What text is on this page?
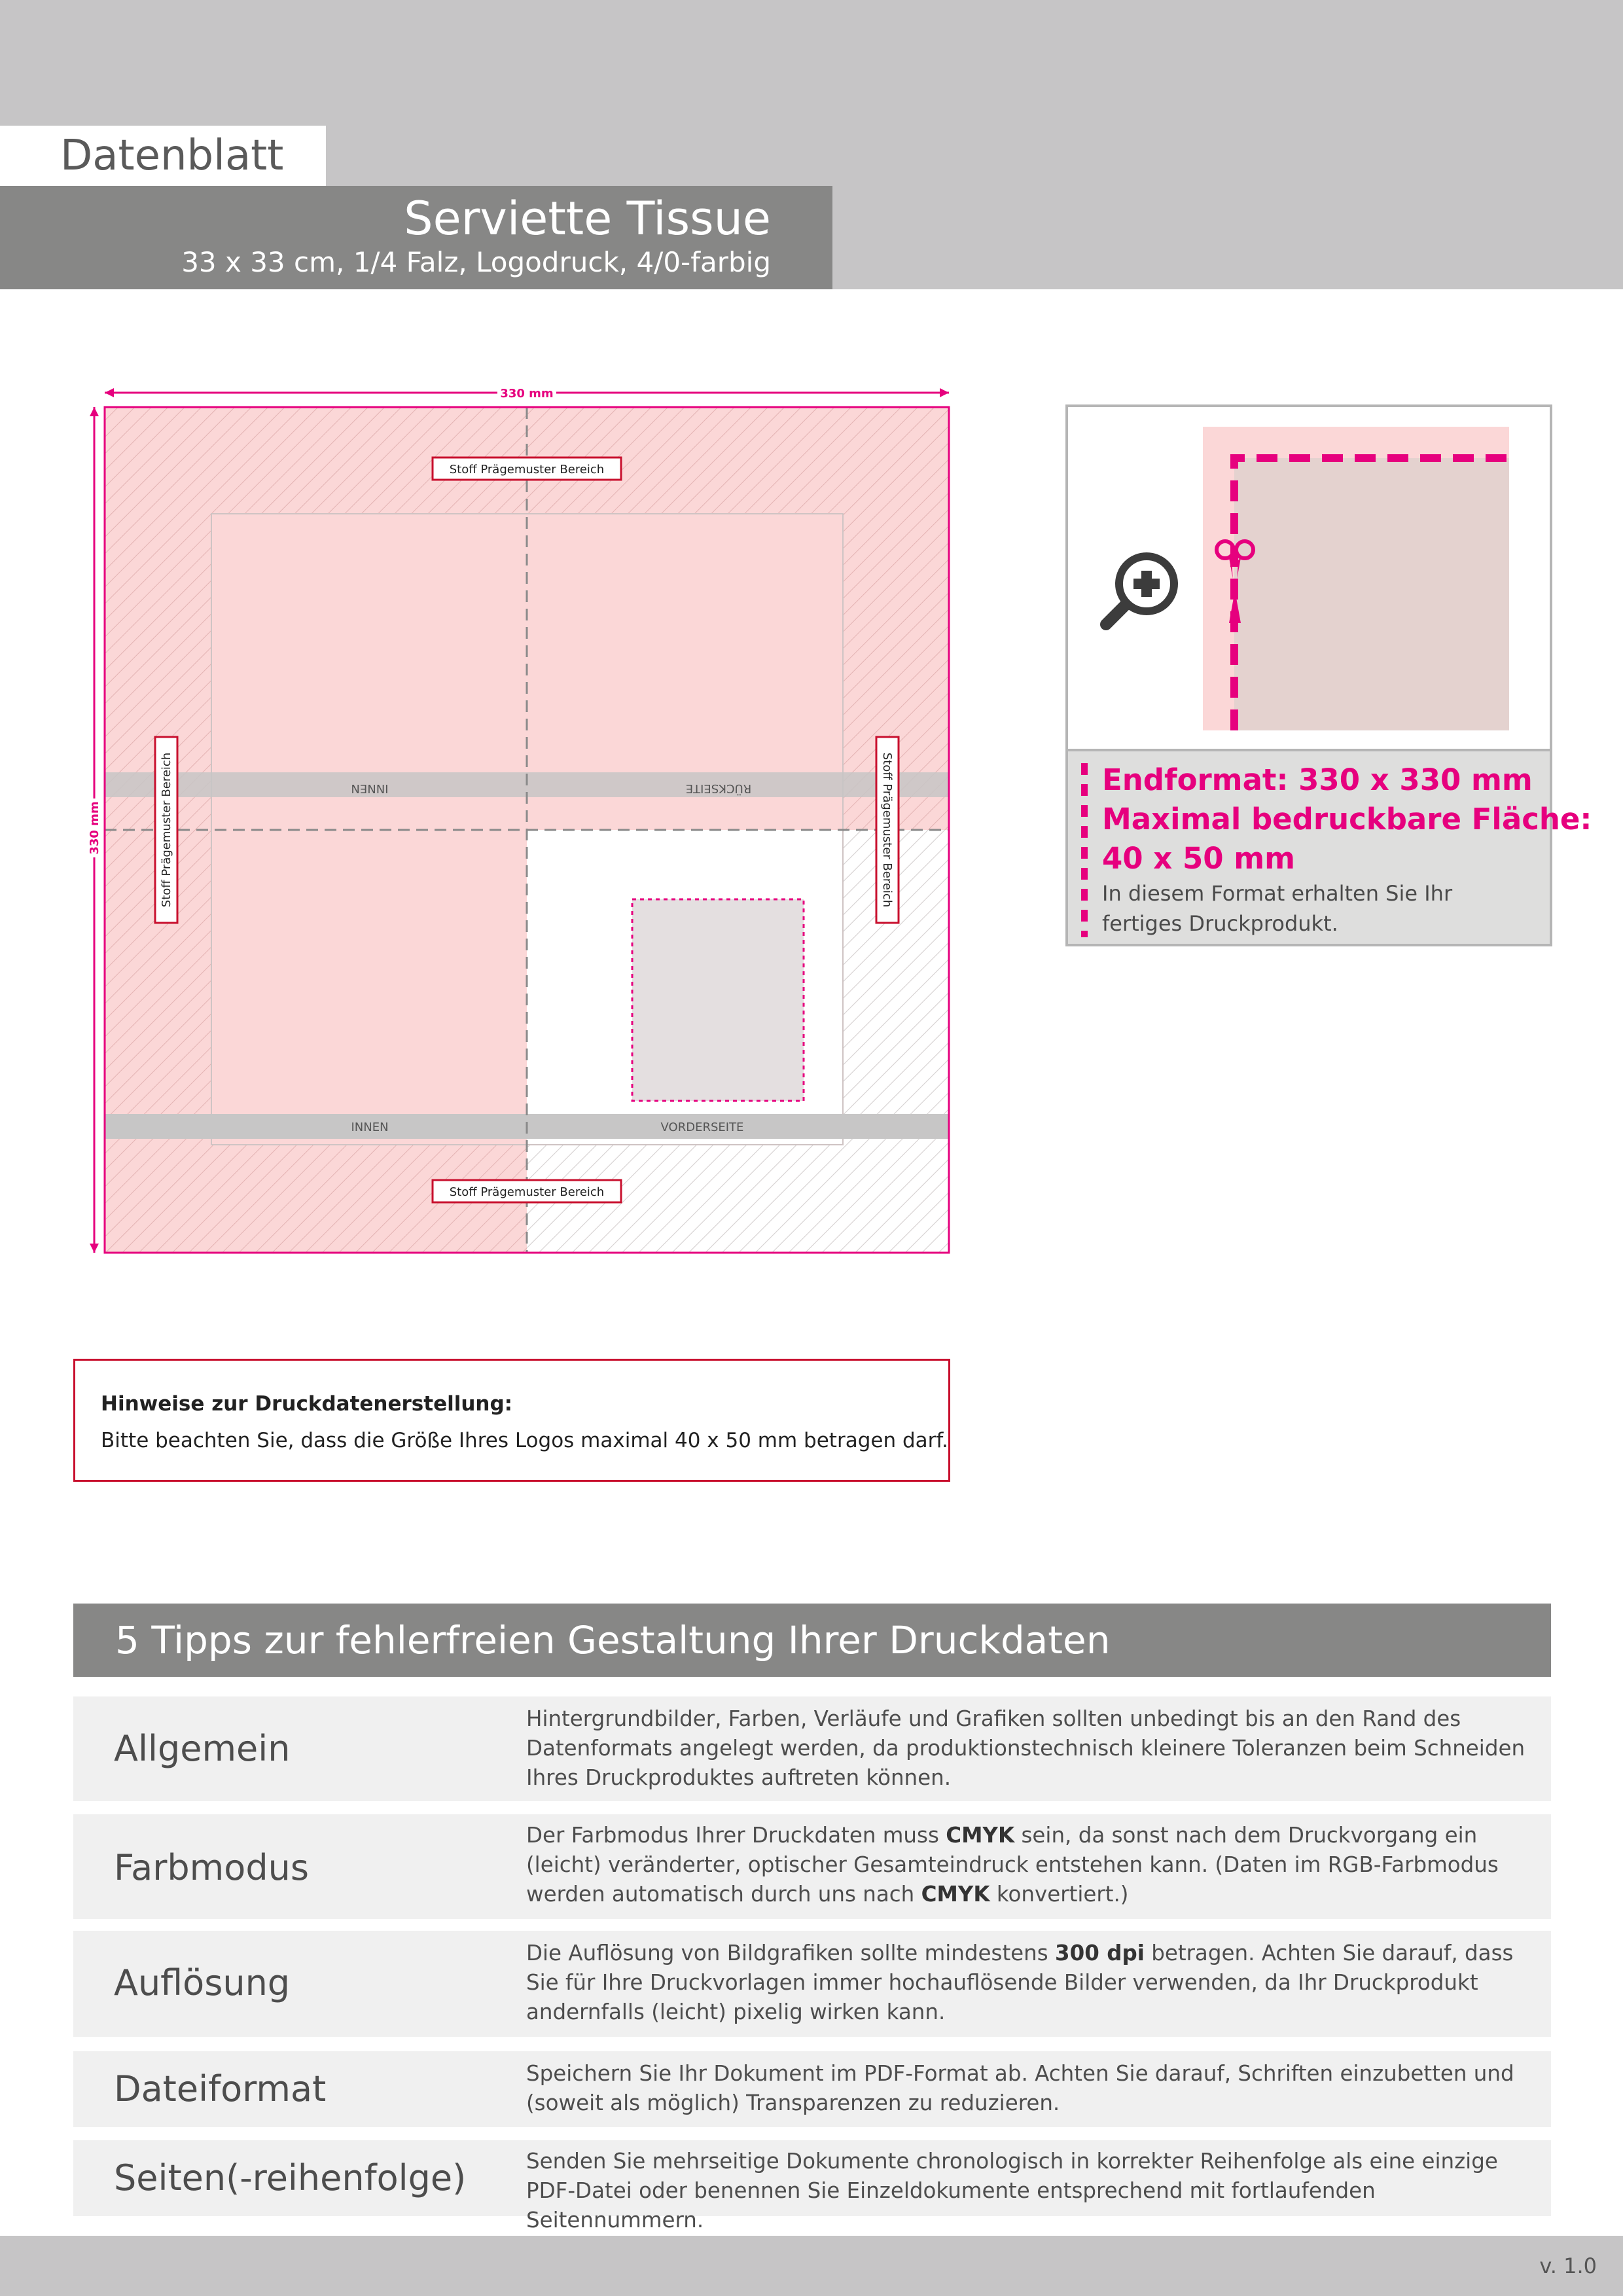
Datenblatt
Serviette Tissue
33 x 33 cm, 1/4 Falz, Logodruck, 4/0-farbig
330 mm
330 mm
Stoff Prägemuster Bereich
Stoff Prägemuster Bereich
Stoff Prägemuster Bereich	Stoff Prägemuster Bereich
INNEN	RÜCKSEITE
INNEN	VORDERSEITE
Endformat: 330 x 330 mm
Maximal bedruckbare Fläche:
40 x 50 mm
In diesem Format erhalten Sie Ihr fertiges Druckprodukt.
Hinweise zur Druckdatenerstellung:
Bitte beachten Sie, dass die Größe Ihres Logos maximal 40 x 50 mm betragen darf.
5 Tipps zur fehlerfreien Gestaltung Ihrer Druckdaten
Allgemein
Hintergrundbilder, Farben, Verläufe und Grafiken sollten unbedingt bis an den Rand des Datenformats angelegt werden, da produktionstechnisch kleinere Toleranzen beim Schneiden Ihres Druckproduktes auftreten können.
Farbmodus
Der Farbmodus Ihrer Druckdaten muss CMYK sein, da sonst nach dem Druckvorgang ein (leicht) veränderter, optischer Gesamteindruck entstehen kann. (Daten im RGB-Farbmodus werden automatisch durch uns nach CMYK konvertiert.)
Auflösung
Die Auflösung von Bildgrafiken sollte mindestens 300 dpi betragen. Achten Sie darauf, dass Sie für Ihre Druckvorlagen immer hochauflösende Bilder verwenden, da Ihr Druckprodukt andernfalls (leicht) pixelig wirken kann.
Dateiformat	Speichern Sie Ihr Dokument im PDF-Format ab. Achten Sie darauf, Schriften einzubetten und (soweit als möglich) Transparenzen zu reduzieren.
Seiten(-reihenfolge)	Senden Sie mehrseitige Dokumente chronologisch in korrekter Reihenfolge als eine einzige PDF-Datei oder benennen Sie Einzeldokumente entsprechend mit fortlaufenden Seitennummern.
v. 1.0
